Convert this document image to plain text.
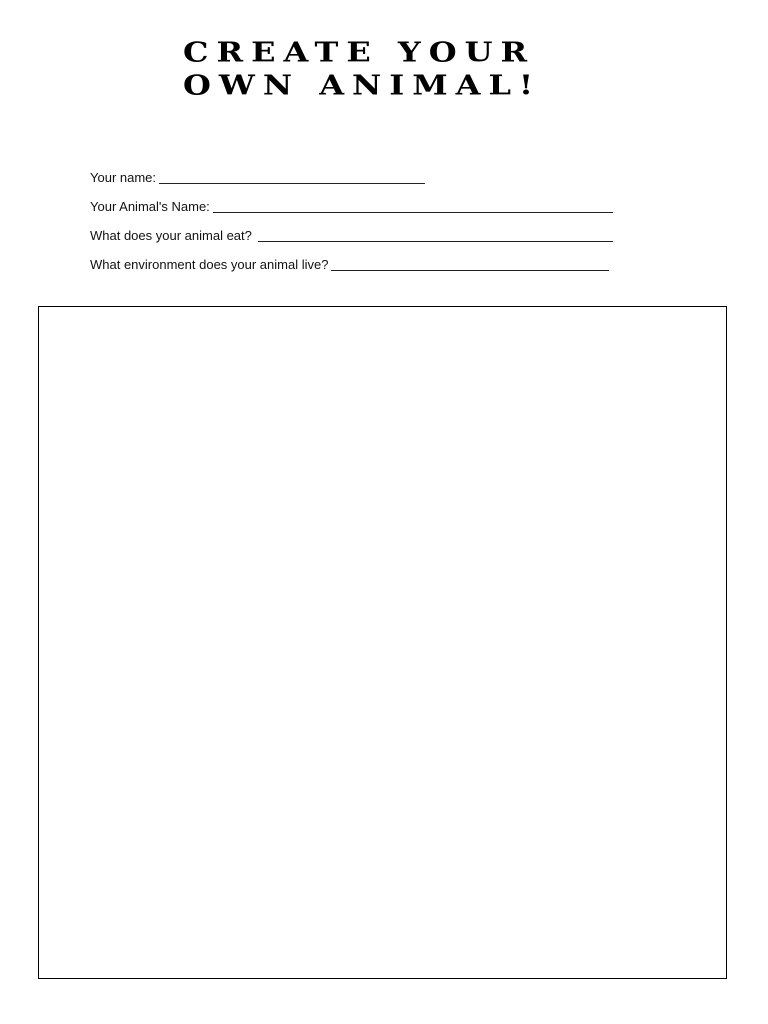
CREATE YOUR OWN ANIMAL!
Your name:
Your Animal's Name:
What does your animal eat?
What environment does your animal live?
